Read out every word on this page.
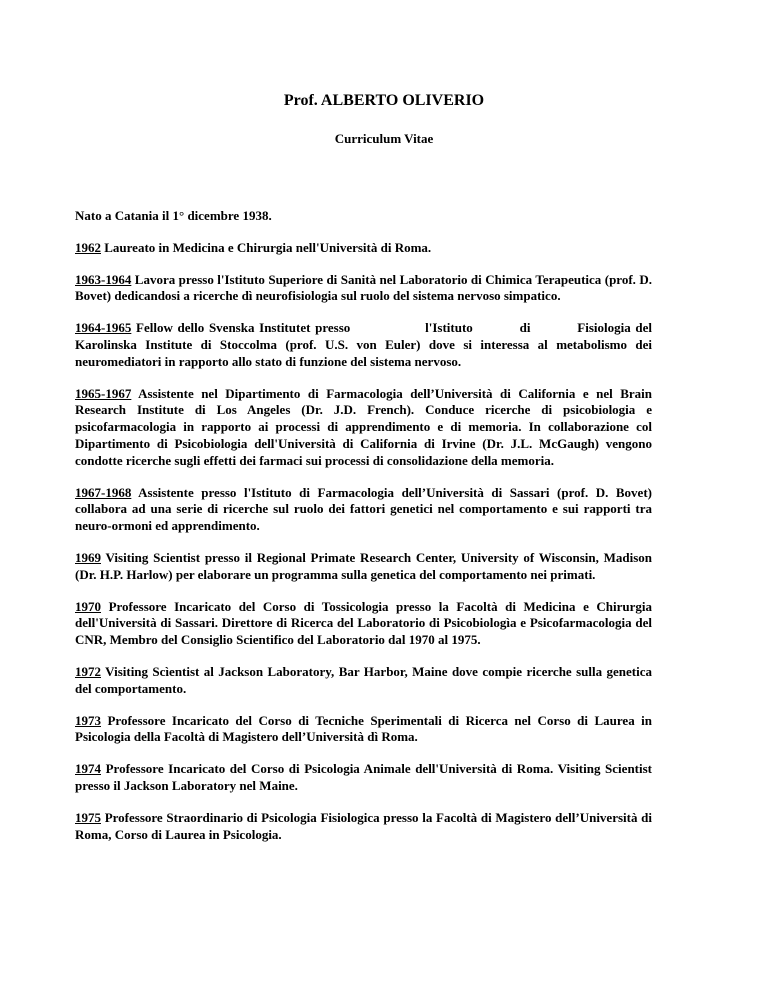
Prof. ALBERTO OLIVERIO
Curriculum Vitae

Nato a Catania il 1° dicembre 1938.

1962 Laureato in Medicina e Chirurgia nell'Università di Roma.

1963-1964 Lavora presso l'Istituto Superiore di Sanità nel Laboratorio di Chimica Terapeutica (prof. D. Bovet) dedicandosi a ricerche dì neurofisiologia sul ruolo del sistema nervoso simpatico.

1964-1965 Fellow dello Svenska Institutet presso	l'Istituto	di	Fisiologia del Karolinska Institute di Stoccolma (prof. U.S. von Euler) dove si interessa al metabolismo dei neuromediatori in rapporto allo stato di funzione del sistema nervoso.

1965-1967 Assistente nel Dipartimento di Farmacologia dell’Università di California e nel Brain Research Institute di Los Angeles (Dr. J.D. French). Conduce ricerche di psicobiologia e psicofarmacologia in rapporto ai processi di apprendimento e di memoria. In collaborazione col Dipartimento di Psicobiologia dell'Università di California di Irvine (Dr. J.L. McGaugh) vengono condotte ricerche sugli effetti dei farmaci sui processi di consolidazione della memoria.

1967-1968 Assistente presso l'Istituto di Farmacologia dell’Università di Sassari (prof. D. Bovet) collabora ad una serie di ricerche sul ruolo dei fattori genetici nel comportamento e sui rapporti tra neuro-ormoni ed apprendimento.

1969 Visiting Scientist presso il Regional Primate Research Center, University of Wisconsin, Madison (Dr. H.P. Harlow) per elaborare un programma sulla genetica del comportamento nei primati.

1970 Professore Incaricato del Corso di Tossicologia presso la Facoltà di Medicina e Chirurgia dell'Università di Sassari. Direttore di Ricerca del Laboratorio di Psicobiologìa e Psicofarmacologia del CNR, Membro del Consiglio Scientifico del Laboratorio dal 1970 al 1975.

1972 Visiting Scìentist al Jackson Laboratory, Bar Harbor, Maine dove compie ricerche sulla genetica del comportamento.

1973 Professore Incaricato del Corso di Tecniche Sperimentali di Ricerca nel Corso di Laurea in Psicologia della Facoltà di Magistero dell’Università dì Roma.

1974 Professore Incaricato del Corso di Psicologia Animale dell'Università di Roma. Visiting Scientist presso il Jackson Laboratory nel Maine.

1975 Professore Straordinario di Psicologia Fisiologica presso la Facoltà di Magistero dell’Università di Roma, Corso di Laurea in Psicologia.
